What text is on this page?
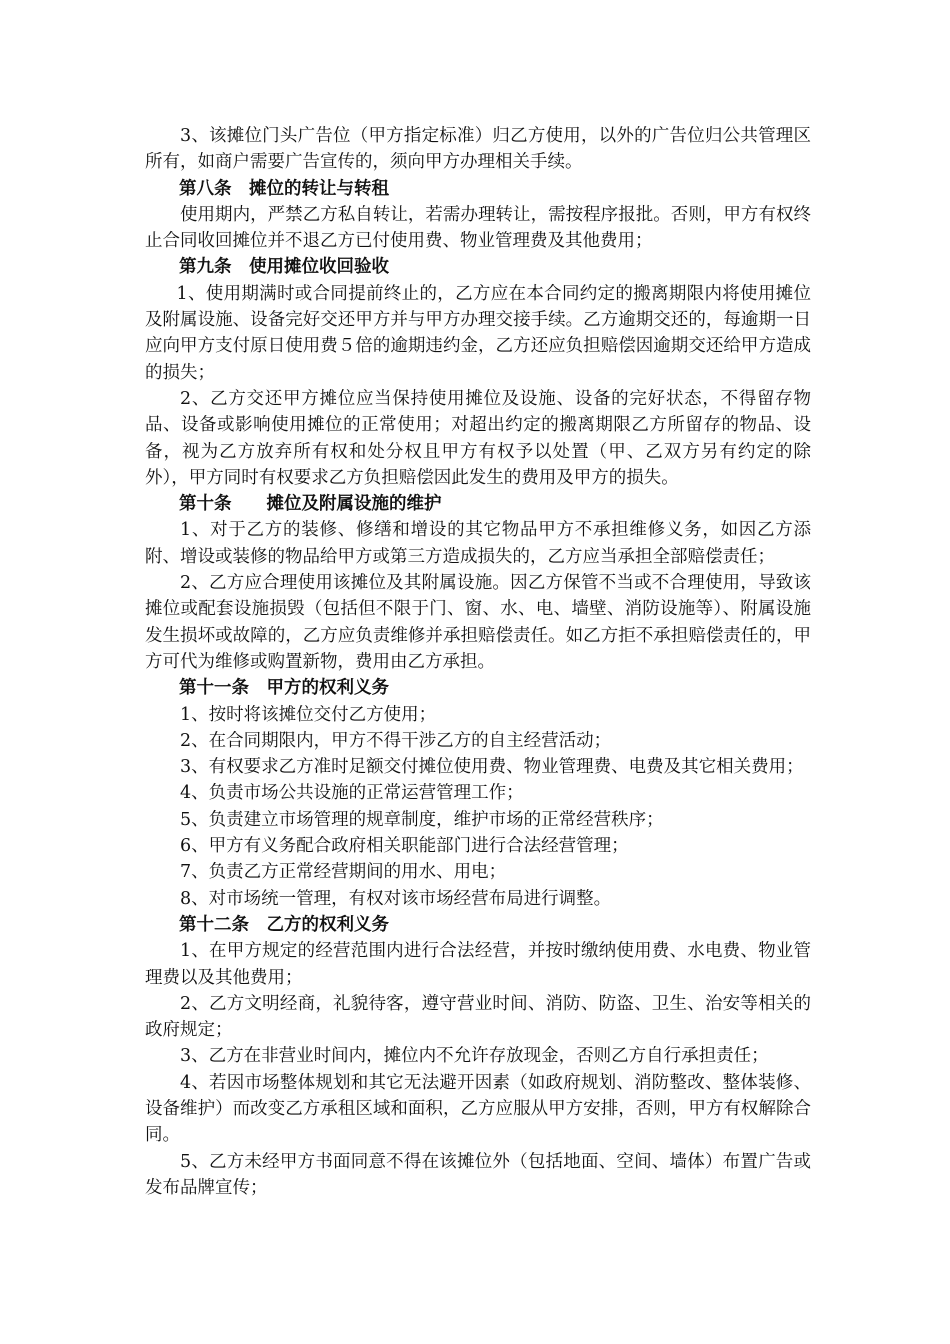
3、该摊位门头广告位（甲方指定标准）归乙方使用，以外的广告位归公共管理区所有，如商户需要广告宣传的，须向甲方办理相关手续。

第八条　摊位的转让与转租

使用期内，严禁乙方私自转让，若需办理转让，需按程序报批。否则，甲方有权终止合同收回摊位并不退乙方已付使用费、物业管理费及其他费用；

第九条　使用摊位收回验收

1、使用期满时或合同提前终止的，乙方应在本合同约定的搬离期限内将使用摊位及附属设施、设备完好交还甲方并与甲方办理交接手续。乙方逾期交还的，每逾期一日应向甲方支付原日使用费５倍的逾期违约金，乙方还应负担赔偿因逾期交还给甲方造成的损失；

2、乙方交还甲方摊位应当保持使用摊位及设施、设备的完好状态，不得留存物品、设备或影响使用摊位的正常使用；对超出约定的搬离期限乙方所留存的物品、设备，视为乙方放弃所有权和处分权且甲方有权予以处置（甲、乙双方另有约定的除外），甲方同时有权要求乙方负担赔偿因此发生的费用及甲方的损失。

第十条　　摊位及附属设施的维护

1、对于乙方的装修、修缮和增设的其它物品甲方不承担维修义务，如因乙方添附、增设或装修的物品给甲方或第三方造成损失的，乙方应当承担全部赔偿责任；

2、乙方应合理使用该摊位及其附属设施。因乙方保管不当或不合理使用，导致该摊位或配套设施损毁（包括但不限于门、窗、水、电、墙壁、消防设施等）、附属设施发生损坏或故障的，乙方应负责维修并承担赔偿责任。如乙方拒不承担赔偿责任的，甲方可代为维修或购置新物，费用由乙方承担。

第十一条　甲方的权利义务

1、按时将该摊位交付乙方使用；

2、在合同期限内，甲方不得干涉乙方的自主经营活动；

3、有权要求乙方准时足额交付摊位使用费、物业管理费、电费及其它相关费用；

4、负责市场公共设施的正常运营管理工作；

5、负责建立市场管理的规章制度，维护市场的正常经营秩序；

6、甲方有义务配合政府相关职能部门进行合法经营管理；

7、负责乙方正常经营期间的用水、用电；

8、对市场统一管理，有权对该市场经营布局进行调整。

第十二条　乙方的权利义务

1、在甲方规定的经营范围内进行合法经营，并按时缴纳使用费、水电费、物业管理费以及其他费用；

2、乙方文明经商，礼貌待客，遵守营业时间、消防、防盗、卫生、治安等相关的政府规定；

3、乙方在非营业时间内，摊位内不允许存放现金，否则乙方自行承担责任；

4、若因市场整体规划和其它无法避开因素（如政府规划、消防整改、整体装修、设备维护）而改变乙方承租区域和面积，乙方应服从甲方安排，否则，甲方有权解除合同。

5、乙方未经甲方书面同意不得在该摊位外（包括地面、空间、墙体）布置广告或发布品牌宣传；
